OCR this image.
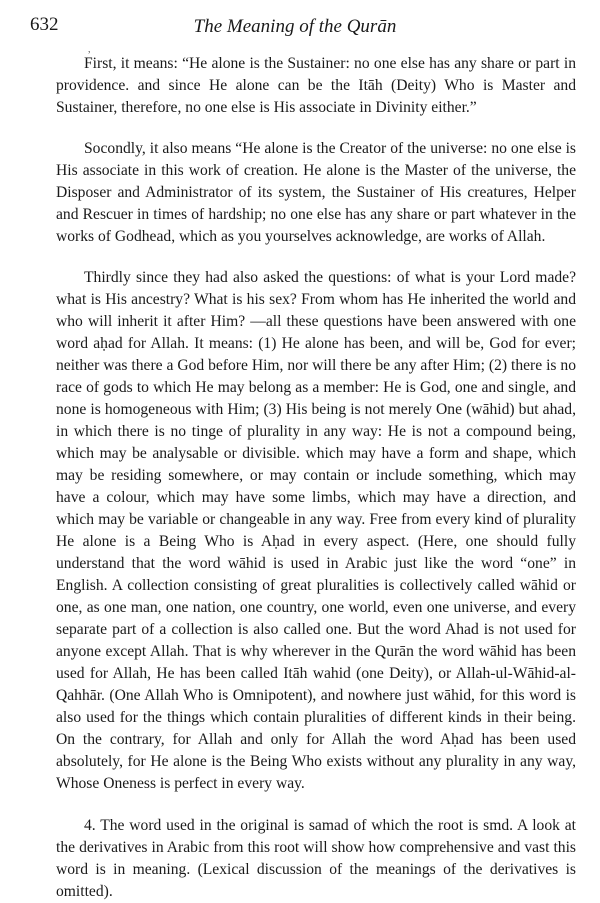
632	The Meaning of the Qurān
,

First, it means: “He alone is the Sustainer: no one else has any share or part in providence. and since He alone can be the Itāh (Deity) Who is Master and Sustainer, therefore, no one else is His associate in Divinity either.”

Socondly, it also means “He alone is the Creator of the universe: no one else is His associate in this work of creation. He alone is the Master of the universe, the Disposer and Administrator of its system, the Sustainer of His creatures, Helper and Rescuer in times of hardship; no one else has any share or part whatever in the works of Godhead, which as you yourselves acknowledge, are works of Allah.

Thirdly since they had also asked the questions: of what is your Lord made? what is His ancestry? What is his sex? From whom has He inherited the world and who will inherit it after Him? —all these questions have been answered with one word aḥad for Allah. It means: (1) He alone has been, and will be, God for ever; neither was there a God before Him, nor will there be any after Him; (2) there is no race of gods to which He may belong as a member: He is God, one and single, and none is homogeneous with Him; (3) His being is not merely One (wāhid) but ahad, in which there is no tinge of plurality in any way: He is not a compound being, which may be analysable or divisible. which may have a form and shape, which may be residing somewhere, or may contain or include something, which may have a colour, which may have some limbs, which may have a direction, and which may be variable or changeable in any way. Free from every kind of plurality He alone is a Being Who is Aḥad in every aspect. (Here, one should fully understand that the word wāhid is used in Arabic just like the word “one” in English. A collection consisting of great pluralities is collectively called wāhid or one, as one man, one nation, one country, one world, even one universe, and every separate part of a collection is also called one. But the word Ahad is not used for anyone except Allah. That is why wherever in the Qurān the word wāhid has been used for Allah, He has been called Itāh wahid (one Deity), or Allah-ul-Wāhid-al-Qahhār. (One Allah Who is Omnipotent), and nowhere just wāhid, for this word is also used for the things which contain pluralities of different kinds in their being. On the contrary, for Allah and only for Allah the word Aḥad has been used absolutely, for He alone is the Being Who exists without any plurality in any way, Whose Oneness is perfect in every way.

4. The word used in the original is samad of which the root is smd. A look at the derivatives in Arabic from this root will show how comprehensive and vast this word is in meaning. (Lexical discussion of the meanings of the derivatives is omitted).
